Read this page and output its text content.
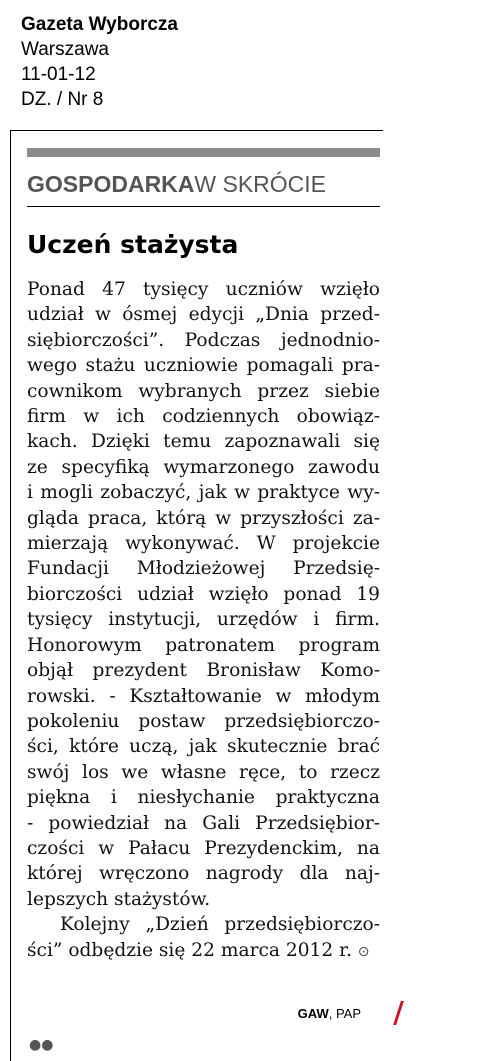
Gazeta Wyborcza
Warszawa
11-01-12
DZ. / Nr 8
GOSPODARKAW SKRÓCIE
Uczeń stażysta
Ponad 47 tysięcy uczniów wzięło
udział w ósmej edycji „Dnia przed-
siębiorczości”. Podczas jednodnio-
wego stażu uczniowie pomagali pra-
cownikom wybranych przez siebie
firm w ich codziennych obowiąz-
kach. Dzięki temu zapoznawali się
ze specyfiką wymarzonego zawodu
i mogli zobaczyć, jak w praktyce wy-
gląda praca, którą w przyszłości za-
mierzają wykonywać. W projekcie
Fundacji Młodzieżowej Przedsię-
biorczości udział wzięło ponad 19
tysięcy instytucji, urzędów i firm.
Honorowym patronatem program
objął prezydent Bronisław Komo-
rowski. - Kształtowanie w młodym
pokoleniu postaw przedsiębiorczo-
ści, które uczą, jak skutecznie brać
swój los we własne ręce, to rzecz
piękna i niesłychanie praktyczna
- powiedział na Gali Przedsiębior-
czości w Pałacu Prezydenckim, na
której wręczono nagrody dla naj-
lepszych stażystów.
Kolejny „Dzień przedsiębiorczo-
ści” odbędzie się 22 marca 2012 r. ⊙
GAW, PAP
●●
